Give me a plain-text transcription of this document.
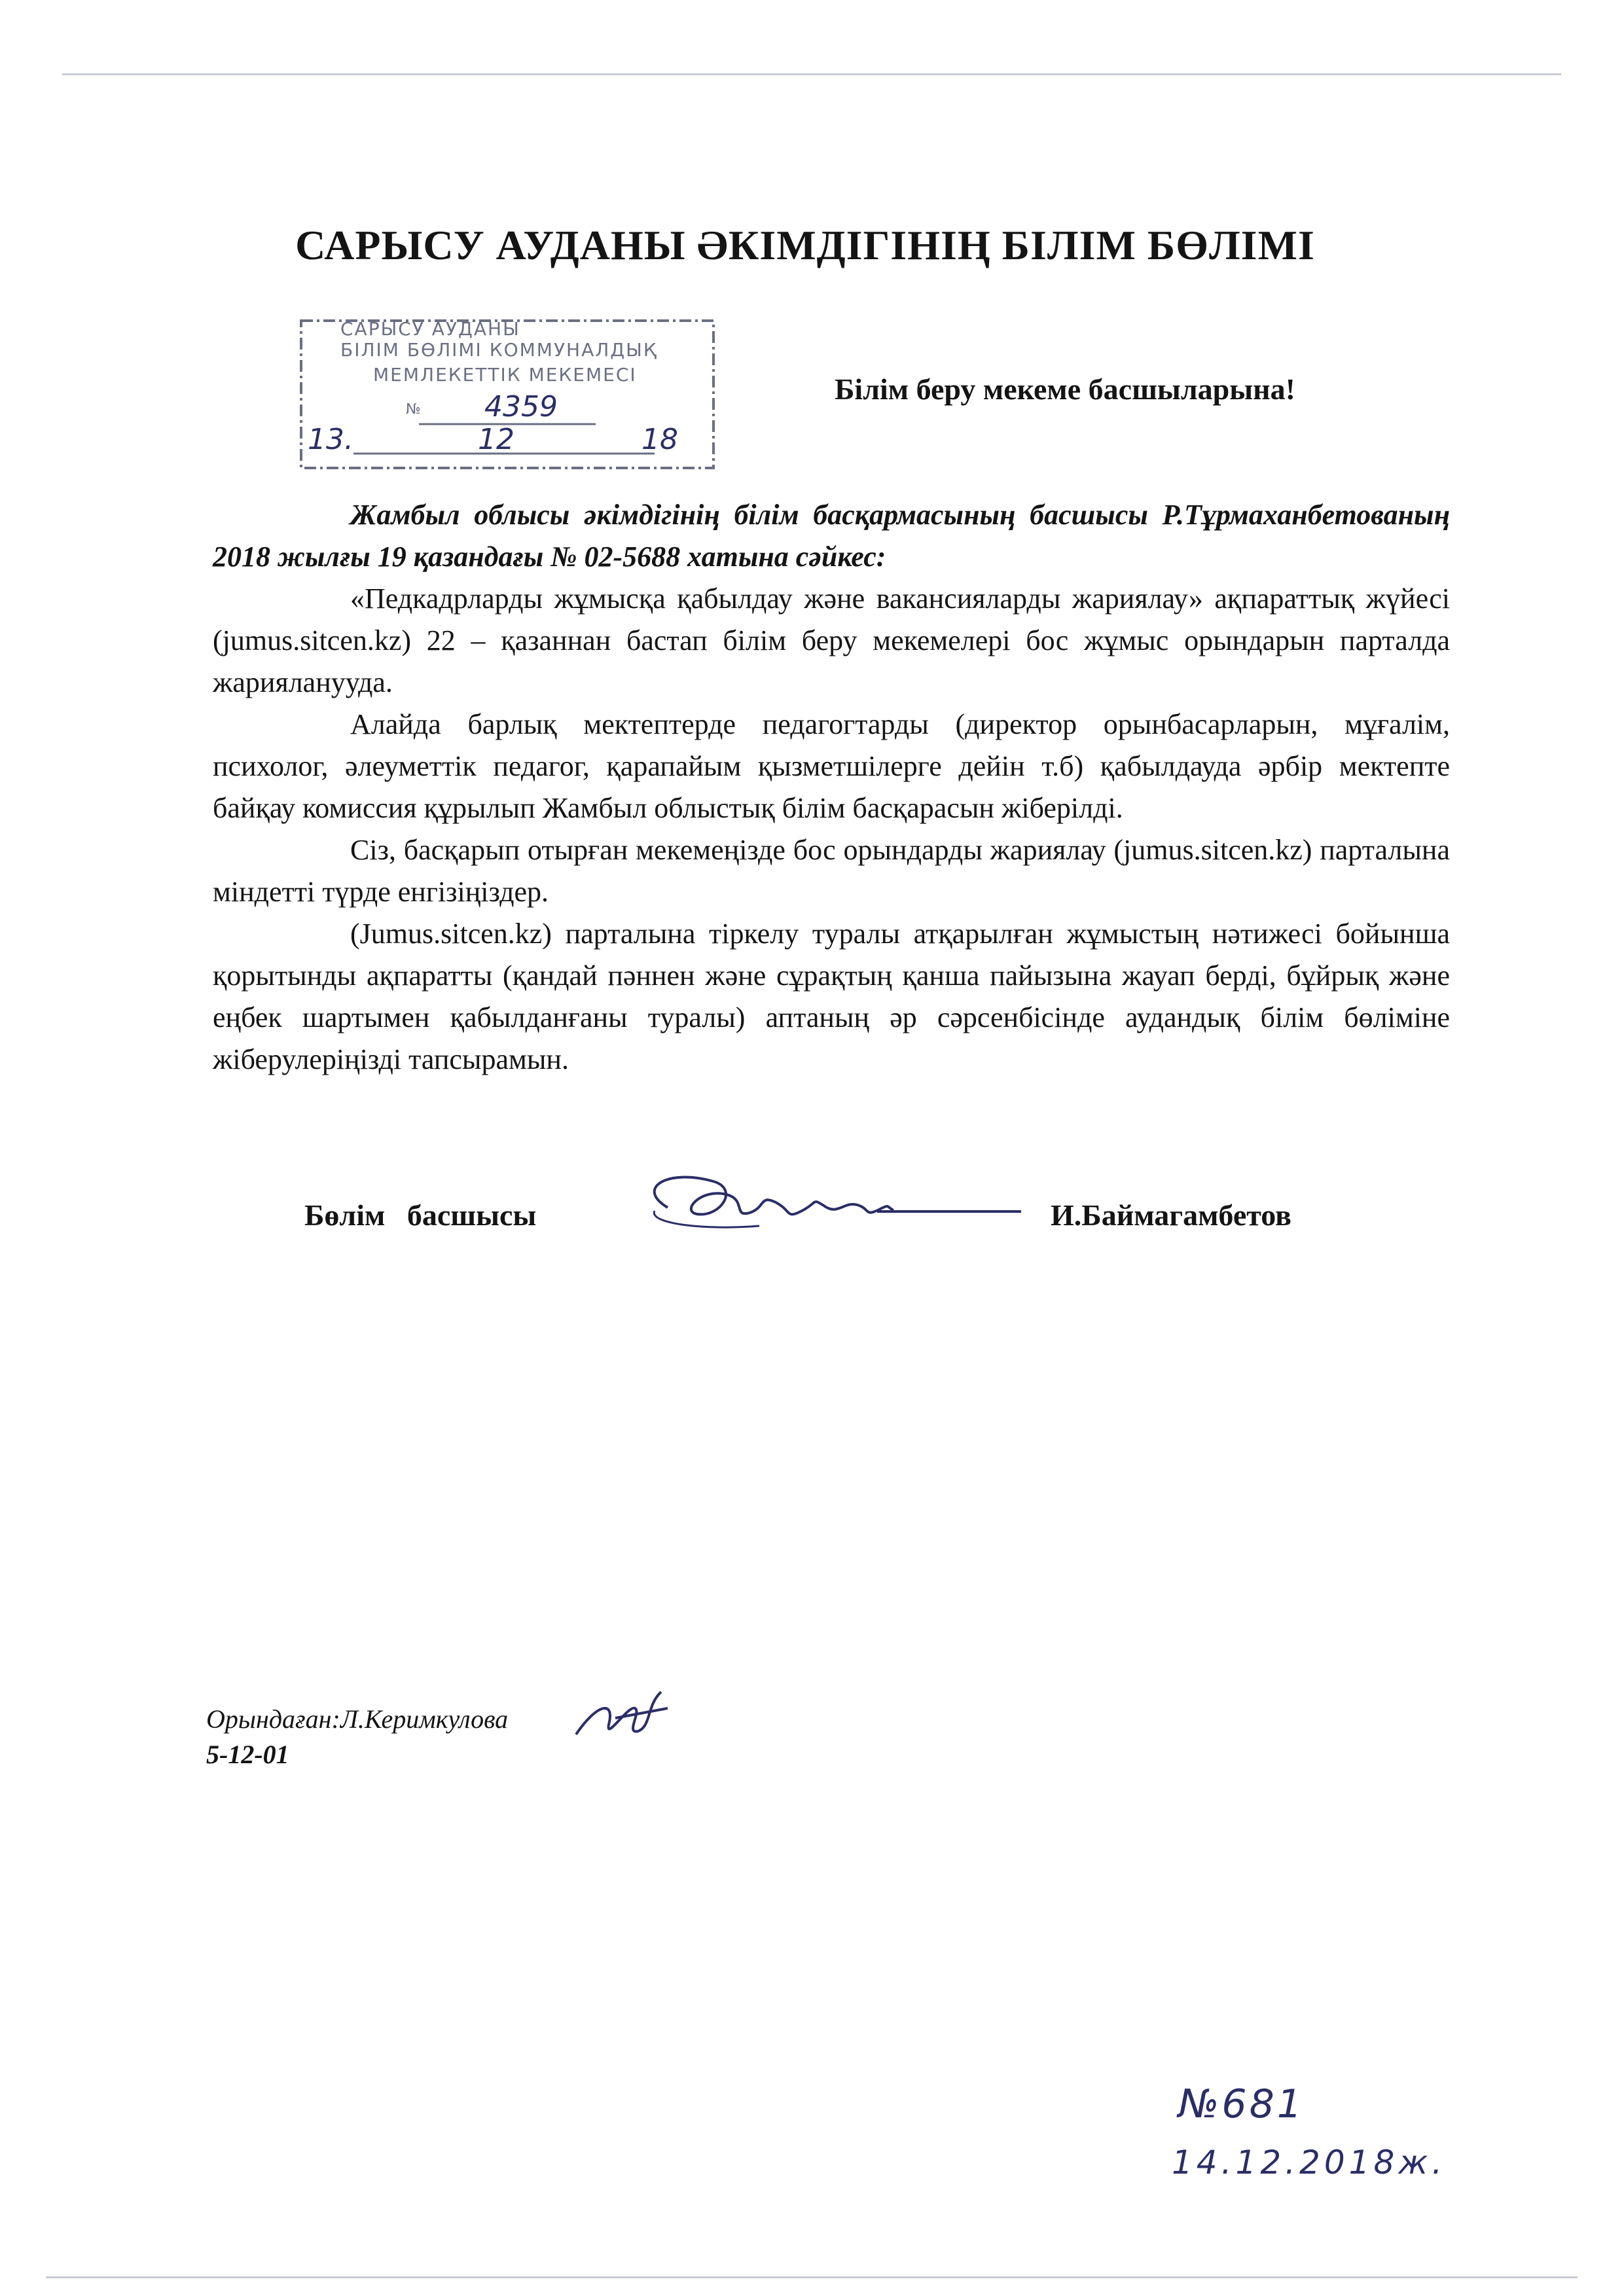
САРЫСУ АУДАНЫ ӘКІМДІГІНІҢ БІЛІМ БӨЛІМІ
САРЫСУ АУДАНЫ
БІЛІМ БӨЛІМІ КОММУНАЛДЫҚ
МЕМЛЕКЕТТІК МЕКЕМЕСІ
№ 4359
13.	12	18
Білім беру мекеме басшыларына!

Жамбыл облысы әкімдігінің білім басқармасының басшысы Р.Тұрмаханбетованың 2018 жылғы 19 қазандағы № 02-5688 хатына сәйкес:

«Педкадрларды жұмысқа қабылдау және вакансияларды жариялау» ақпараттық жүйесі (jumus.sitcen.kz) 22 – қазаннан бастап білім беру мекемелері бос жұмыс орындарын парталда жарияланууда.

Алайда барлық мектептерде педагогтарды (директор орынбасарларын, мұғалім, психолог, әлеуметтік педагог, қарапайым қызметшілерге дейін т.б) қабылдауда әрбір мектепте байқау комиссия құрылып Жамбыл облыстық білім басқарасын жіберілді.

Сіз, басқарып отырған мекемеңізде бос орындарды жариялау (jumus.sitcen.kz) парталына міндетті түрде енгізіңіздер.

(Jumus.sitcen.kz) парталына тіркелу туралы атқарылған жұмыстың нәтижесі бойынша қорытынды ақпаратты (қандай пәннен және сұрақтың қанша пайызына жауап берді, бұйрық және еңбек шартымен қабылданғаны туралы) аптаның әр сәрсенбісінде аудандық білім бөліміне жіберулеріңізді тапсырамын.

Бөлім басшысы	И.Баймагамбетов
Орындаған:Л.Керимкулова
5-12-01
№681
14.12.2018ж.
